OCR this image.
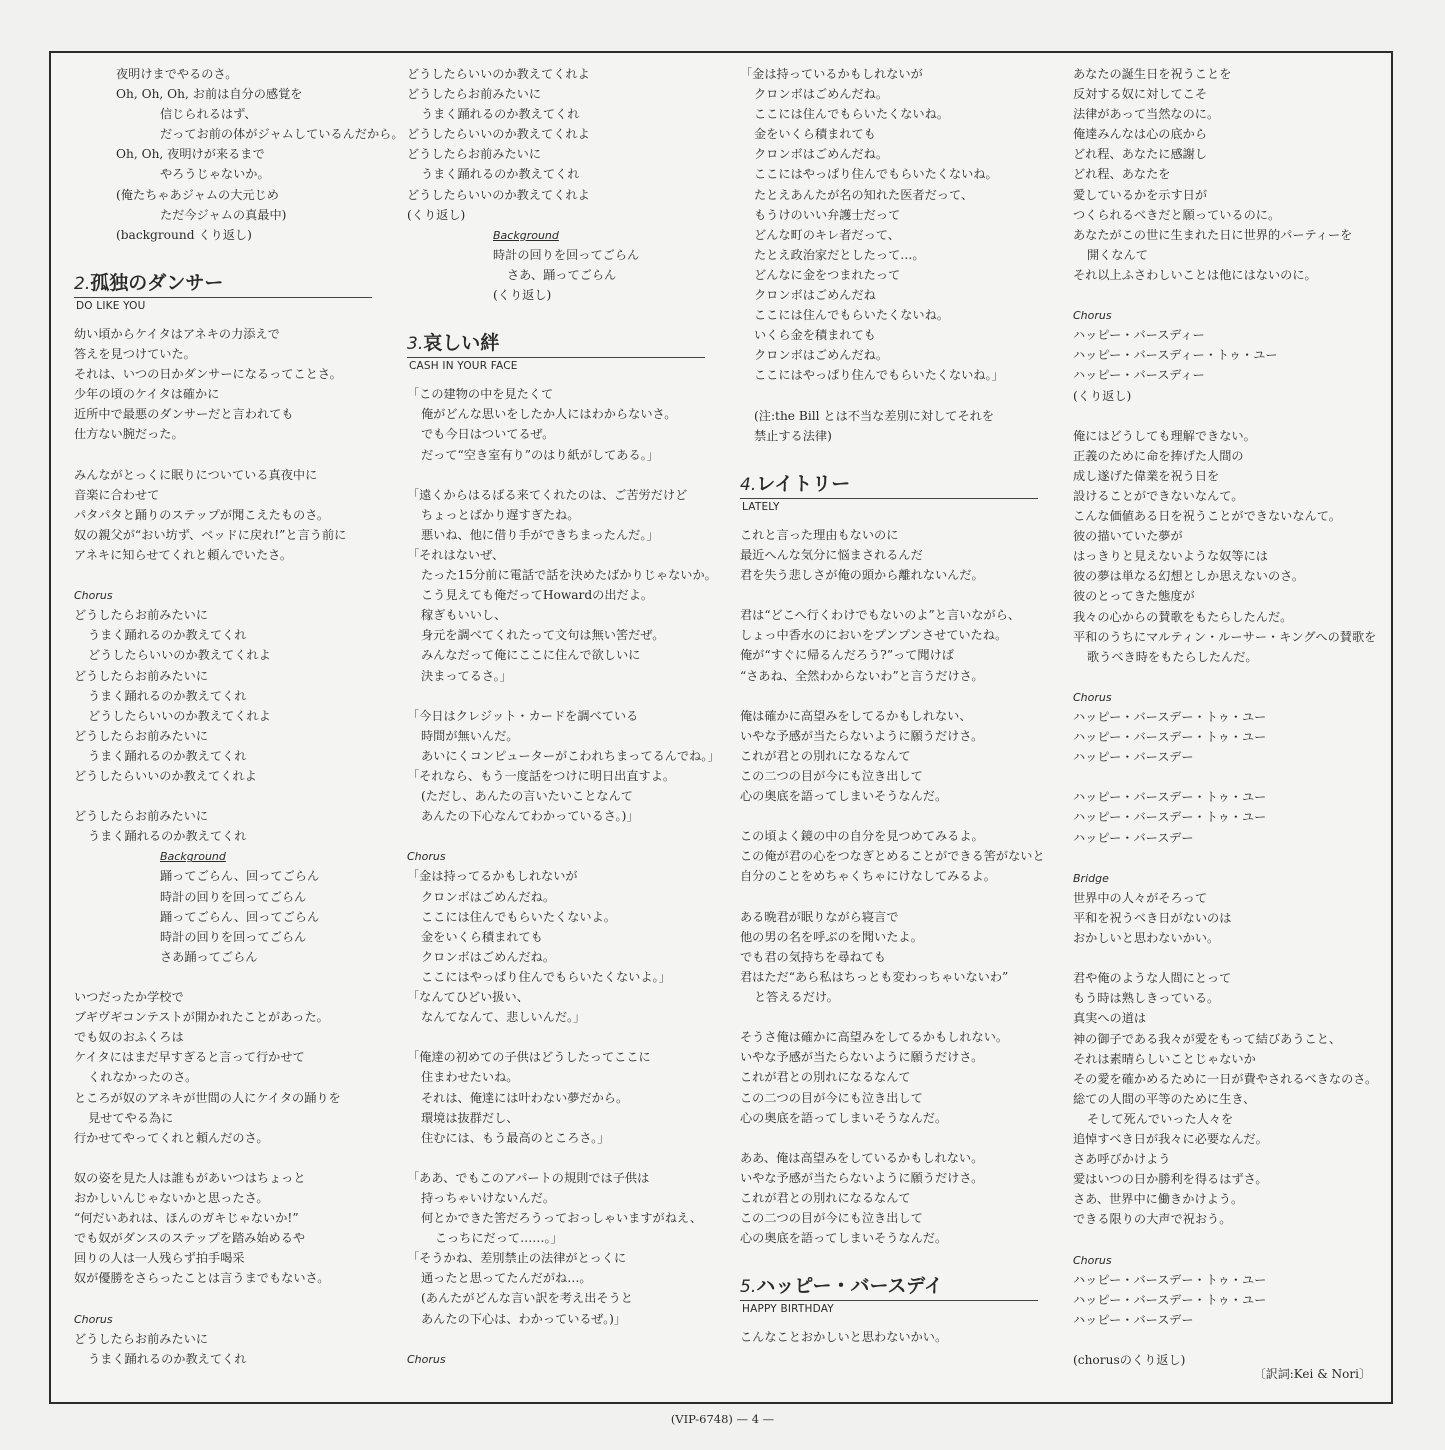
夜明けまでやるのさ。
Oh, Oh, Oh, お前は自分の感覚を
信じられるはず、
だってお前の体がジャムしているんだから。
Oh, Oh, 夜明けが来るまで
やろうじゃないか。
(俺たちゃあジャムの大元じめ
ただ今ジャムの真最中)
(background くり返し)
2.孤独のダンサー
DO LIKE YOU
幼い頃からケイタはアネキの力添えで
答えを見つけていた。
それは、いつの日かダンサーになるってことさ。
少年の頃のケイタは確かに
近所中で最悪のダンサーだと言われても
仕方ない腕だった。
みんながとっくに眠りについている真夜中に
音楽に合わせて
パタパタと踊りのステップが聞こえたものさ。
奴の親父が“おい坊ず、ベッドに戻れ!”と言う前に
アネキに知らせてくれと頼んでいたさ。
Chorus
どうしたらお前みたいに
うまく踊れるのか教えてくれ
どうしたらいいのか教えてくれよ
どうしたらお前みたいに
うまく踊れるのか教えてくれ
どうしたらいいのか教えてくれよ
どうしたらお前みたいに
うまく踊れるのか教えてくれ
どうしたらいいのか教えてくれよ
どうしたらお前みたいに
うまく踊れるのか教えてくれ
Background
踊ってごらん、回ってごらん
時計の回りを回ってごらん
踊ってごらん、回ってごらん
時計の回りを回ってごらん
さあ踊ってごらん
いつだったか学校で
ブギヴギコンテストが開かれたことがあった。
でも奴のおふくろは
ケイタにはまだ早すぎると言って行かせて
くれなかったのさ。
ところが奴のアネキが世間の人にケイタの踊りを
見せてやる為に
行かせてやってくれと頼んだのさ。
奴の姿を見た人は誰もがあいつはちょっと
おかしいんじゃないかと思ったさ。
“何だいあれは、ほんのガキじゃないか!”
でも奴がダンスのステップを踏み始めるや
回りの人は一人残らず拍手喝采
奴が優勝をさらったことは言うまでもないさ。
Chorus
どうしたらお前みたいに
うまく踊れるのか教えてくれ
どうしたらいいのか教えてくれよ
どうしたらお前みたいに
うまく踊れるのか教えてくれ
どうしたらいいのか教えてくれよ
どうしたらお前みたいに
うまく踊れるのか教えてくれ
どうしたらいいのか教えてくれよ
(くり返し)
Background
時計の回りを回ってごらん
さあ、踊ってごらん
(くり返し)
3.哀しい絆
CASH IN YOUR FACE
「この建物の中を見たくて
俺がどんな思いをしたか人にはわからないさ。
でも今日はついてるぜ。
だって“空き室有り”のはり紙がしてある。」
「遠くからはるばる来てくれたのは、ご苦労だけど
ちょっとばかり遅すぎたね。
悪いね、他に借り手ができちまったんだ。」
「それはないぜ、
たった15分前に電話で話を決めたばかりじゃないか。
こう見えても俺だってHowardの出だよ。
稼ぎもいいし、
身元を調べてくれたって文句は無い筈だぜ。
みんなだって俺にここに住んで欲しいに
決まってるさ。」
「今日はクレジット・カードを調べている
時間が無いんだ。
あいにくコンピューターがこわれちまってるんでね。」
「それなら、もう一度話をつけに明日出直すよ。
(ただし、あんたの言いたいことなんて
あんたの下心なんてわかっているさ。)」
Chorus
「金は持ってるかもしれないが
クロンボはごめんだね。
ここには住んでもらいたくないよ。
金をいくら積まれても
クロンボはごめんだね。
ここにはやっぱり住んでもらいたくないよ。」
「なんてひどい扱い、
なんてなんて、悲しいんだ。」
「俺達の初めての子供はどうしたってここに
住まわせたいね。
それは、俺達には叶わない夢だから。
環境は抜群だし、
住むには、もう最高のところさ。」
「ああ、でもこのアパートの規則では子供は
持っちゃいけないんだ。
何とかできた筈だろうっておっしゃいますがねえ、
こっちにだって……。」
「そうかね、差別禁止の法律がとっくに
通ったと思ってたんだがね…。
(あんたがどんな言い訳を考え出そうと
あんたの下心は、わかっているぜ。)」
Chorus
「金は持っているかもしれないが
クロンボはごめんだね。
ここには住んでもらいたくないね。
金をいくら積まれても
クロンボはごめんだね。
ここにはやっぱり住んでもらいたくないね。
たとえあんたが名の知れた医者だって、
もうけのいい弁護士だって
どんな町のキレ者だって、
たとえ政治家だとしたって…。
どんなに金をつまれたって
クロンボはごめんだね
ここには住んでもらいたくないね。
いくら金を積まれても
クロンボはごめんだね。
ここにはやっぱり住んでもらいたくないね。」
(注:the Bill とは不当な差別に対してそれを
禁止する法律)
4.レイトリー
LATELY
これと言った理由もないのに
最近へんな気分に悩まされるんだ
君を失う悲しさが俺の頭から離れないんだ。
君は“どこへ行くわけでもないのよ”と言いながら、
しょっ中香水のにおいをプンプンさせていたね。
俺が“すぐに帰るんだろう?”って聞けば
“さあね、全然わからないわ”と言うだけさ。
俺は確かに高望みをしてるかもしれない、
いやな予感が当たらないように願うだけさ。
これが君との別れになるなんて
この二つの目が今にも泣き出して
心の奥底を語ってしまいそうなんだ。
この頃よく鏡の中の自分を見つめてみるよ。
この俺が君の心をつなぎとめることができる筈がないと
自分のことをめちゃくちゃにけなしてみるよ。
ある晩君が眠りながら寝言で
他の男の名を呼ぶのを聞いたよ。
でも君の気持ちを尋ねても
君はただ“あら私はちっとも変わっちゃいないわ”
と答えるだけ。
そうさ俺は確かに高望みをしてるかもしれない。
いやな予感が当たらないように願うだけさ。
これが君との別れになるなんて
この二つの目が今にも泣き出して
心の奥底を語ってしまいそうなんだ。
ああ、俺は高望みをしているかもしれない。
いやな予感が当たらないように願うだけさ。
これが君との別れになるなんて
この二つの目が今にも泣き出して
心の奥底を語ってしまいそうなんだ。
5.ハッピー・バースデイ
HAPPY BIRTHDAY
こんなことおかしいと思わないかい。
あなたの誕生日を祝うことを
反対する奴に対してこそ
法律があって当然なのに。
俺達みんなは心の底から
どれ程、あなたに感謝し
どれ程、あなたを
愛しているかを示す日が
つくられるべきだと願っているのに。
あなたがこの世に生まれた日に世界的パーティーを
開くなんて
それ以上ふさわしいことは他にはないのに。
Chorus
ハッピー・バースディー
ハッピー・バースディー・トゥ・ユー
ハッピー・バースディー
(くり返し)
俺にはどうしても理解できない。
正義のために命を捧げた人間の
成し遂げた偉業を祝う日を
設けることができないなんて。
こんな価値ある日を祝うことができないなんて。
彼の描いていた夢が
はっきりと見えないような奴等には
彼の夢は単なる幻想としか思えないのさ。
彼のとってきた態度が
我々の心からの賛歌をもたらしたんだ。
平和のうちにマルティン・ルーサー・キングへの賛歌を
歌うべき時をもたらしたんだ。
Chorus
ハッピー・バースデー・トゥ・ユー
ハッピー・バースデー・トゥ・ユー
ハッピー・バースデー
ハッピー・バースデー・トゥ・ユー
ハッピー・バースデー・トゥ・ユー
ハッピー・バースデー
Bridge
世界中の人々がそろって
平和を祝うべき日がないのは
おかしいと思わないかい。
君や俺のような人間にとって
もう時は熟しきっている。
真実への道は
神の御子である我々が愛をもって結びあうこと、
それは素晴らしいことじゃないか
その愛を確かめるために一日が費やされるべきなのさ。
総ての人間の平等のために生き、
そして死んでいった人々を
追悼すべき日が我々に必要なんだ。
さあ呼びかけよう
愛はいつの日か勝利を得るはずさ。
さあ、世界中に働きかけよう。
できる限りの大声で祝おう。
Chorus
ハッピー・バースデー・トゥ・ユー
ハッピー・バースデー・トゥ・ユー
ハッピー・バースデー
(chorusのくり返し)
〔訳詞:Kei & Nori〕
(VIP-6748) — 4 —
